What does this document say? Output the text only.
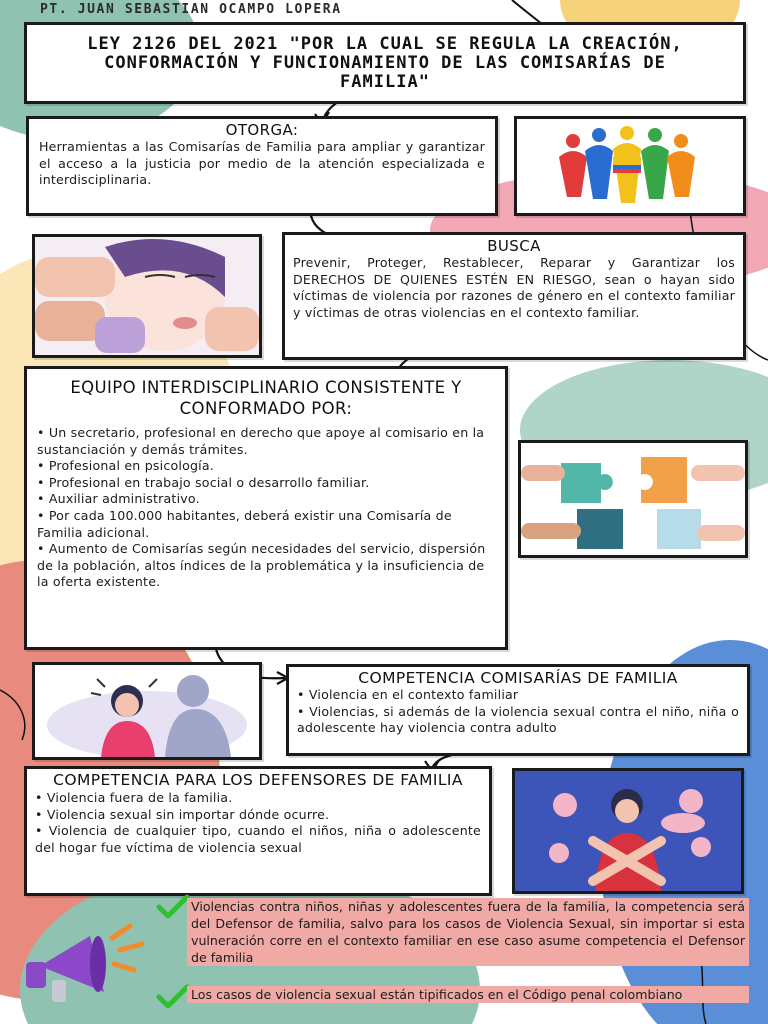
PT. JUAN SEBASTIAN OCAMPO LOPERA
LEY 2126 DEL 2021 "POR LA CUAL SE REGULA LA CREACIÓN, CONFORMACIÓN Y FUNCIONAMIENTO DE LAS COMISARÍAS DE FAMILIA"
OTORGA:
Herramientas a las Comisarías de Familia para ampliar y garantizar el acceso a la justicia por medio de la atención especializada e interdisciplinaria.
BUSCA
Prevenir, Proteger, Restablecer, Reparar y Garantizar los DERECHOS DE QUIENES ESTÉN EN RIESGO, sean o hayan sido víctimas de violencia por razones de género en el contexto familiar y víctimas de otras violencias en el contexto familiar.
EQUIPO INTERDISCIPLINARIO CONSISTENTE Y CONFORMADO POR:
• Un secretario, profesional en derecho que apoye al comisario en la sustanciación y demás trámites.
• Profesional en psicología.
• Profesional en trabajo social o desarrollo familiar.
• Auxiliar administrativo.
• Por cada 100.000 habitantes, deberá existir una Comisaría de Familia adicional.
• Aumento de Comisarías según necesidades del servicio, dispersión de la población, altos índices de la problemática y la insuficiencia de la oferta existente.
COMPETENCIA COMISARÍAS DE FAMILIA
• Violencia en el contexto familiar
• Violencias, si además de la violencia sexual contra el niño, niña o adolescente hay violencia contra adulto
COMPETENCIA PARA LOS DEFENSORES DE FAMILIA
• Violencia fuera de la familia.
• Violencia sexual sin importar dónde ocurre.
• Violencia de cualquier tipo, cuando el niños, niña o adolescente del hogar fue víctima de violencia sexual
Violencias contra niños, niñas y adolescentes fuera de la familia, la competencia será del Defensor de familia, salvo para los casos de Violencia Sexual, sin importar si esta vulneración corre en el contexto familiar en ese caso asume competencia el Defensor de familia
Los casos de violencia sexual están tipificados en el Código penal colombiano
